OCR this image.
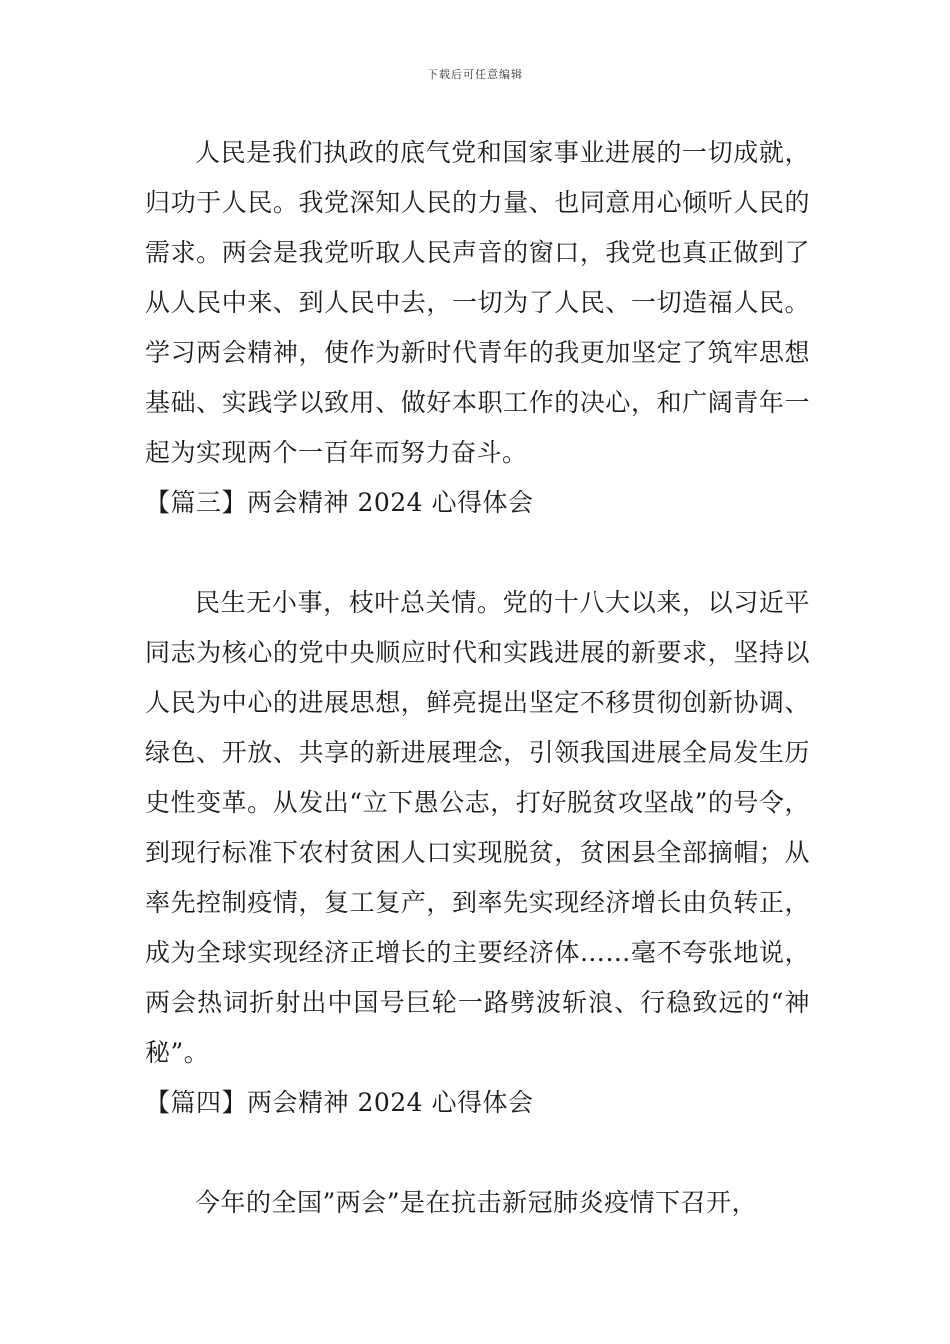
下载后可任意编辑

人民是我们执政的底气党和国家事业进展的一切成就，归功于人民。我党深知人民的力量、也同意用心倾听人民的需求。两会是我党听取人民声音的窗口，我党也真正做到了从人民中来、到人民中去，一切为了人民、一切造福人民。学习两会精神，使作为新时代青年的我更加坚定了筑牢思想基础、实践学以致用、做好本职工作的决心，和广阔青年一起为实现两个一百年而努力奋斗。

【篇三】两会精神 2024 心得体会

民生无小事，枝叶总关情。党的十八大以来，以习近平同志为核心的党中央顺应时代和实践进展的新要求，坚持以人民为中心的进展思想，鲜亮提出坚定不移贯彻创新协调、绿色、开放、共享的新进展理念，引领我国进展全局发生历史性变革。从发出“立下愚公志，打好脱贫攻坚战”的号令，到现行标准下农村贫困人口实现脱贫，贫困县全部摘帽；从率先控制疫情，复工复产，到率先实现经济增长由负转正，成为全球实现经济正增长的主要经济体……毫不夸张地说，两会热词折射出中国号巨轮一路劈波斩浪、行稳致远的“神秘”。

【篇四】两会精神 2024 心得体会

今年的全国”两会”是在抗击新冠肺炎疫情下召开，
